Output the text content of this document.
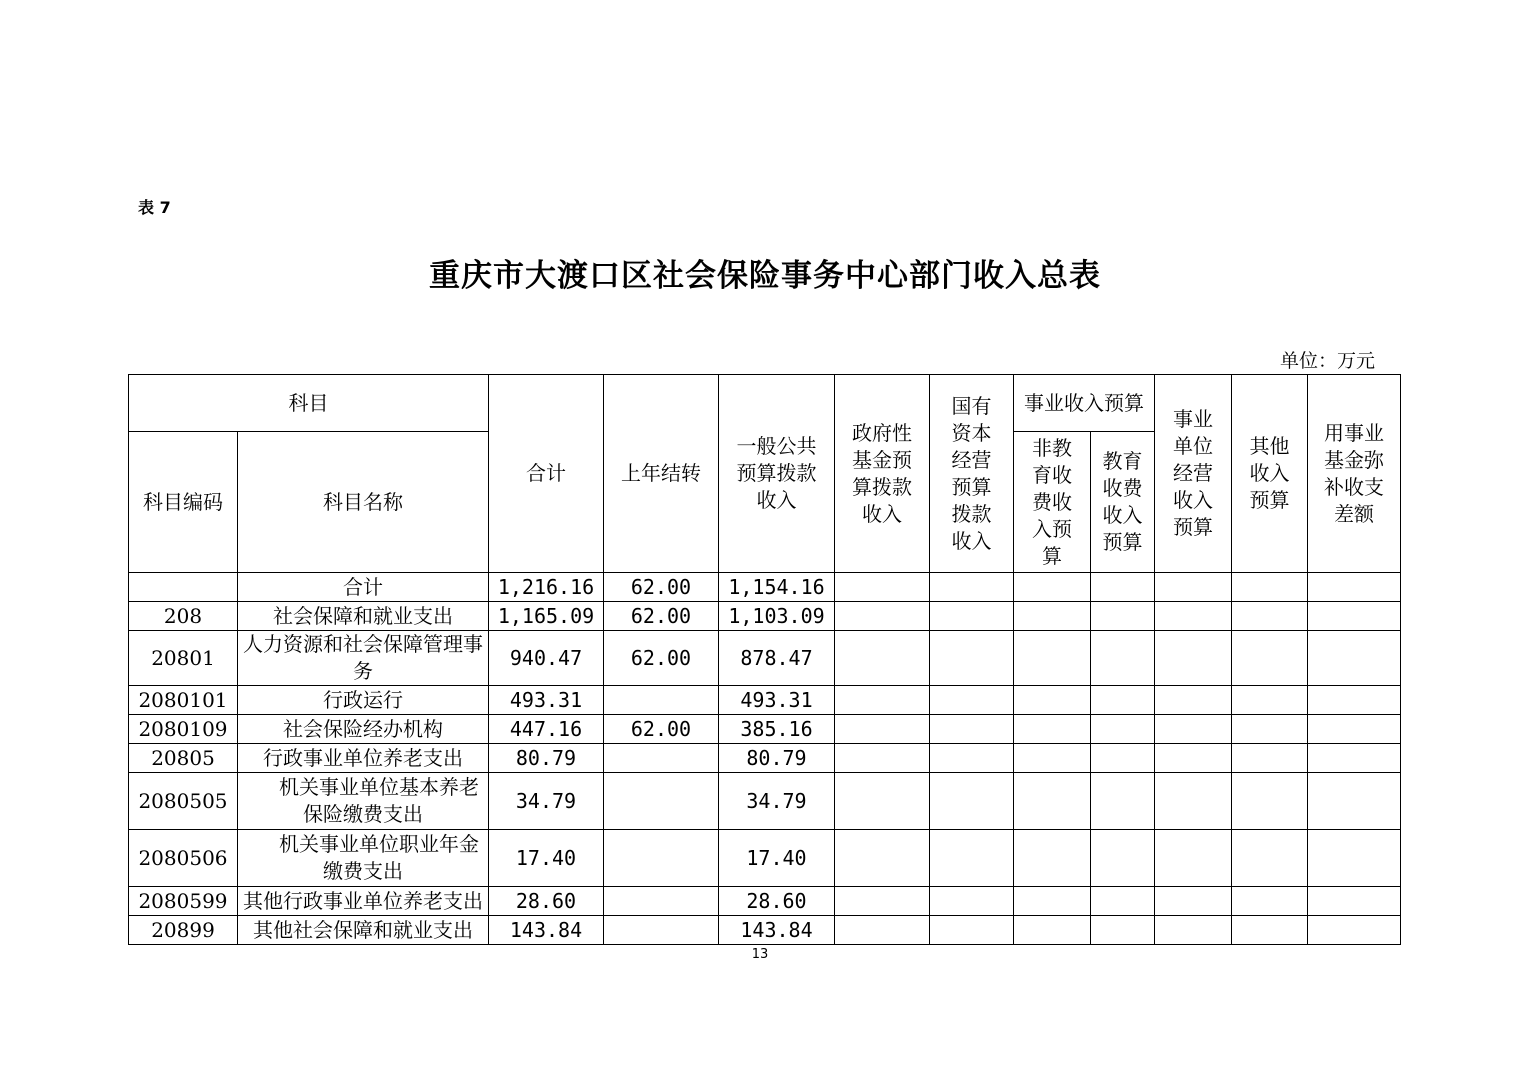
表 7
重庆市大渡口区社会保险事务中心部门收入总表
单位：万元
科目		合计	上年结转	一般公共预算拨款收入	政府性基金预算拨款收入	国有资本经营预算拨款收入	事业收入预算		事业单位经营收入预算	其他收入预算	用事业基金弥补收支差额
科目编码	科目名称						非教育收费收入预算	教育收费收入预算			

	合计	1,216.16	62.00	1,154.16							
208	社会保障和就业支出	1,165.09	62.00	1,103.09							
20801	人力资源和社会保障管理事务	940.47	62.00	878.47							
2080101	行政运行	493.31		493.31							
2080109	社会保险经办机构	447.16	62.00	385.16							
20805	行政事业单位养老支出	80.79		80.79							
2080505	机关事业单位基本养老保险缴费支出	34.79		34.79							
2080506	机关事业单位职业年金缴费支出	17.40		17.40							
2080599	其他行政事业单位养老支出	28.60		28.60							
20899	其他社会保障和就业支出	143.84		143.84							
13
